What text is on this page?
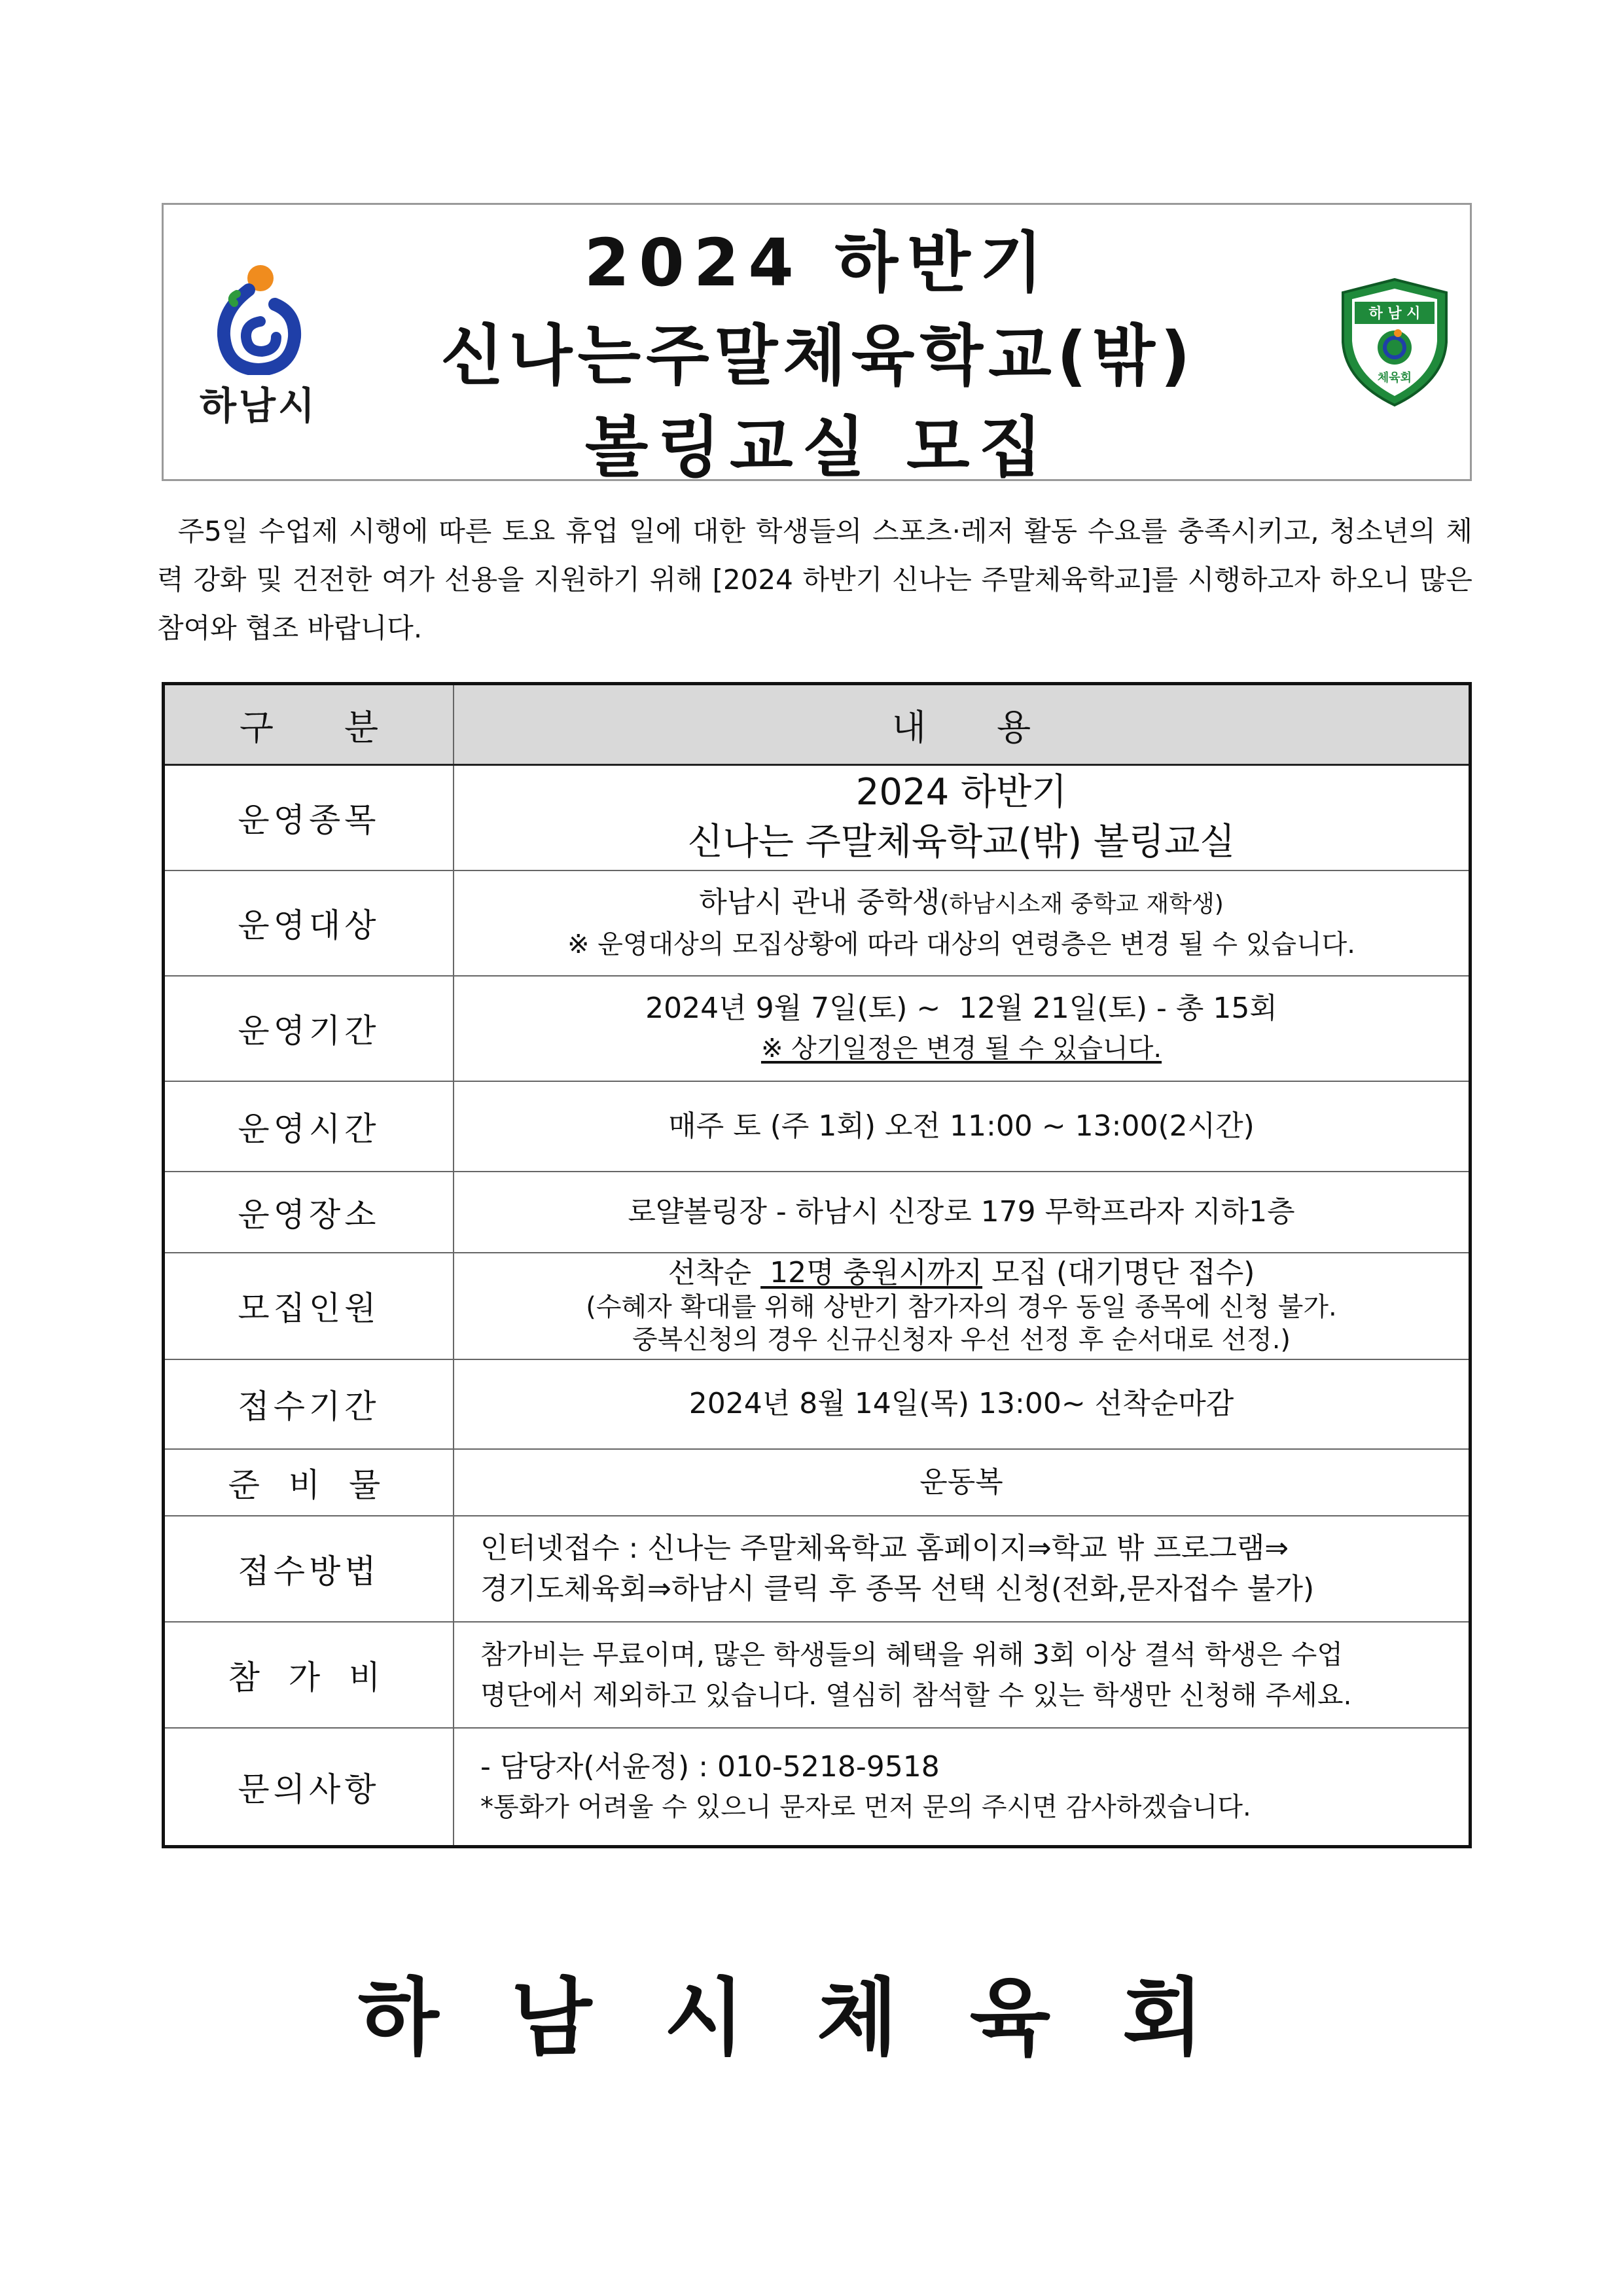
하남시
2024 하반기
신나는주말체육학교(밖)
볼링교실 모집
하 남 시
체육회
주5일 수업제 시행에 따른 토요 휴업 일에 대한 학생들의 스포츠·레저 활동 수요를 충족시키고, 청소년의 체력 강화 및 건전한 여가 선용을 지원하기 위해 [2024 하반기 신나는 주말체육학교]를 시행하고자 하오니 많은 참여와 협조 바랍니다.
구　　분	내　　용
운영종목	2024 하반기
신나는 주말체육학교(밖) 볼링교실

운영대상	하남시 관내 중학생(하남시소재 중학교 재학생)
※ 운영대상의 모집상황에 따라 대상의 연령층은 변경 될 수 있습니다.

운영기간	2024년 9월 7일(토) ~  12월 21일(토) - 총 15회
※ 상기일정은 변경 될 수 있습니다.

운영시간	매주 토 (주 1회) 오전 11:00 ~ 13:00(2시간)
운영장소	로얄볼링장 - 하남시 신장로 179 무학프라자 지하1층
모집인원	선착순  12명 충원시까지 모집 (대기명단 접수)
(수혜자 확대를 위해 상반기 참가자의 경우 동일 종목에 신청 불가.
중복신청의 경우 신규신청자 우선 선정 후 순서대로 선정.)

접수기간	2024년 8월 14일(목) 13:00~ 선착순마감
준 비 물	운동복
접수방법	인터넷접수 : 신나는 주말체육학교 홈페이지⇒학교 밖 프로그램⇒
경기도체육회⇒하남시 클릭 후 종목 선택 신청(전화,문자접수 불가)

참 가 비	참가비는 무료이며, 많은 학생들의 혜택을 위해 3회 이상 결석 학생은 수업
명단에서 제외하고 있습니다. 열심히 참석할 수 있는 학생만 신청해 주세요.

문의사항	- 담당자(서윤정) : 010-5218-9518
*통화가 어려울 수 있으니 문자로 먼저 문의 주시면 감사하겠습니다.
하남시체육회
